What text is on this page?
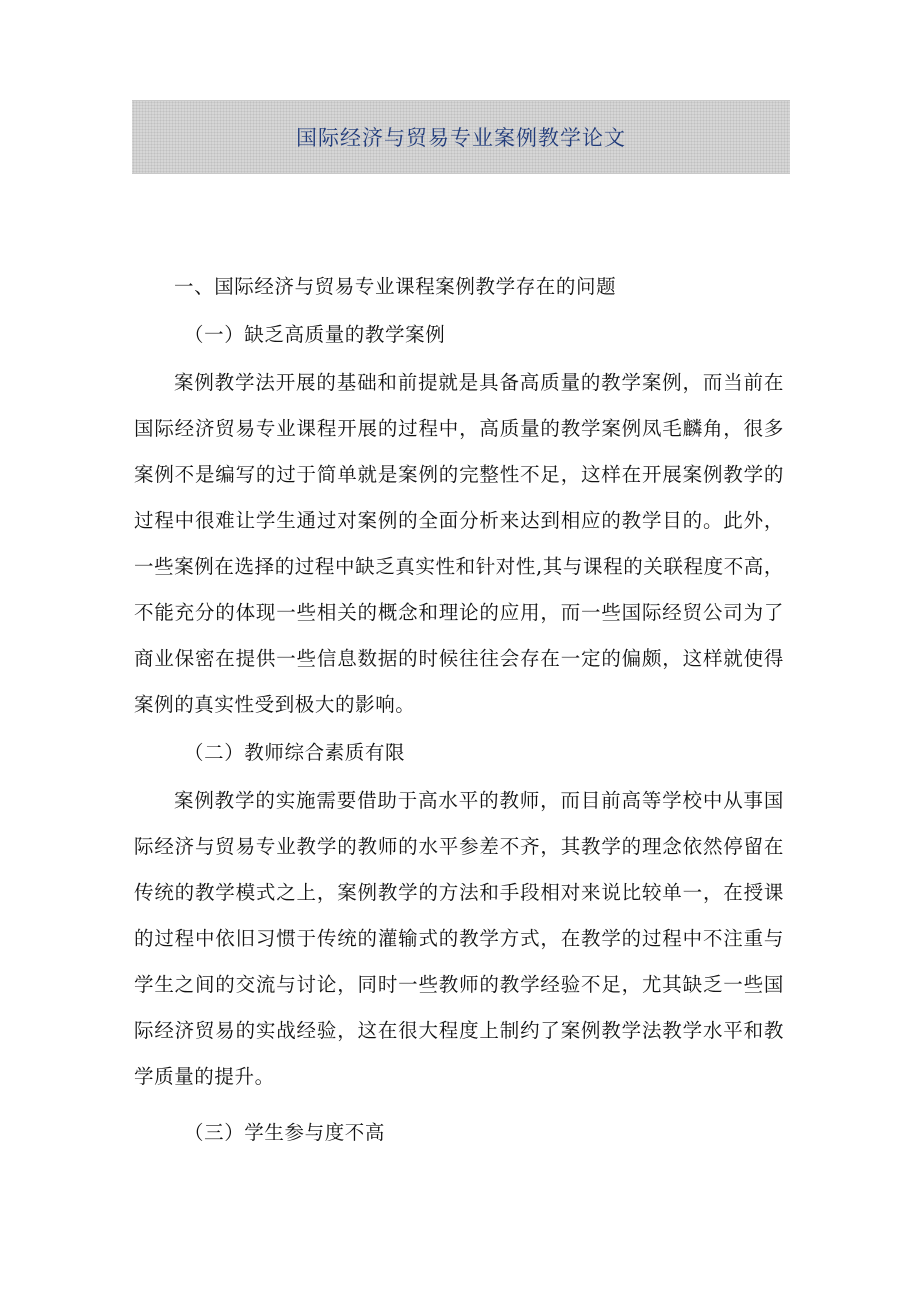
国际经济与贸易专业案例教学论文

一、国际经济与贸易专业课程案例教学存在的问题

（一）缺乏高质量的教学案例

案例教学法开展的基础和前提就是具备高质量的教学案例，而当前在国际经济贸易专业课程开展的过程中，高质量的教学案例凤毛麟角，很多案例不是编写的过于简单就是案例的完整性不足，这样在开展案例教学的过程中很难让学生通过对案例的全面分析来达到相应的教学目的。此外，一些案例在选择的过程中缺乏真实性和针对性,其与课程的关联程度不高，不能充分的体现一些相关的概念和理论的应用，而一些国际经贸公司为了商业保密在提供一些信息数据的时候往往会存在一定的偏颇，这样就使得案例的真实性受到极大的影响。

（二）教师综合素质有限

案例教学的实施需要借助于高水平的教师，而目前高等学校中从事国际经济与贸易专业教学的教师的水平参差不齐，其教学的理念依然停留在传统的教学模式之上，案例教学的方法和手段相对来说比较单一，在授课的过程中依旧习惯于传统的灌输式的教学方式，在教学的过程中不注重与学生之间的交流与讨论，同时一些教师的教学经验不足，尤其缺乏一些国际经济贸易的实战经验，这在很大程度上制约了案例教学法教学水平和教学质量的提升。

（三）学生参与度不高
